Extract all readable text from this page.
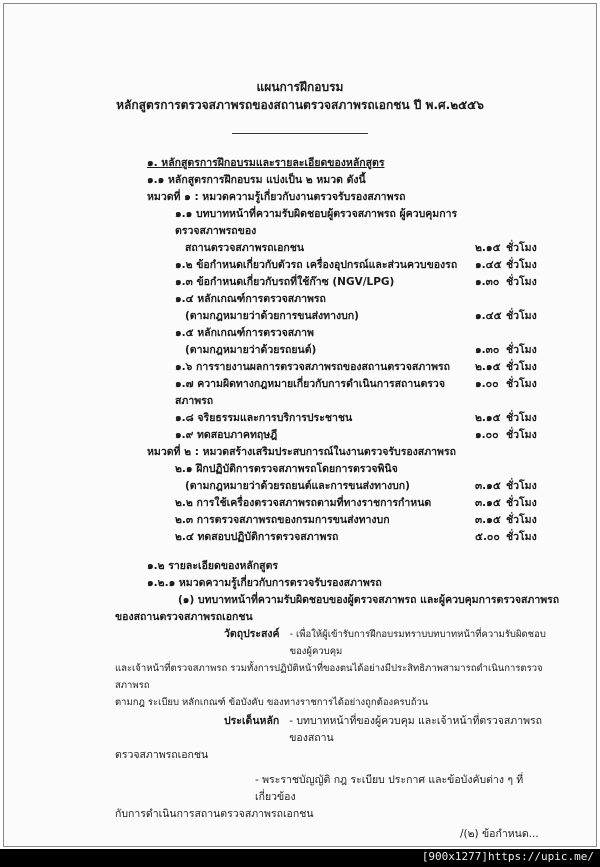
แผนการฝึกอบรม
หลักสูตรการตรวจสภาพรถของสถานตรวจสภาพรถเอกชน ปี พ.ศ.๒๕๕๖
๑. หลักสูตรการฝึกอบรมและรายละเอียดของหลักสูตร
๑.๑ หลักสูตรการฝึกอบรม แบ่งเป็น ๒ หมวด ดังนี้
หมวดที่ ๑ : หมวดความรู้เกี่ยวกับงานตรวจรับรองสภาพรถ
๑.๑ บทบาทหน้าที่ความรับผิดชอบผู้ตรวจสภาพรถ ผู้ควบคุมการตรวจสภาพรถของ
สถานตรวจสภาพรถเอกชน	๒.๑๕ ชั่วโมง
๑.๒ ข้อกำหนดเกี่ยวกับตัวรถ เครื่องอุปกรณ์และส่วนควบของรถ	๑.๔๕ ชั่วโมง
๑.๓ ข้อกำหนดเกี่ยวกับรถที่ใช้ก๊าซ (NGV/LPG)	๑.๓๐ ชั่วโมง
๑.๔ หลักเกณฑ์การตรวจสภาพรถ
(ตามกฎหมายว่าด้วยการขนส่งทางบก)	๑.๔๕ ชั่วโมง
๑.๕ หลักเกณฑ์การตรวจสภาพ
(ตามกฎหมายว่าด้วยรถยนต์)	๑.๓๐ ชั่วโมง
๑.๖ การรายงานผลการตรวจสภาพรถของสถานตรวจสภาพรถ	๒.๑๕ ชั่วโมง
๑.๗ ความผิดทางกฎหมายเกี่ยวกับการดำเนินการสถานตรวจสภาพรถ
๑.๐๐ ชั่วโมง
๑.๘ จริยธรรมและการบริการประชาชน	๒.๑๕ ชั่วโมง
๑.๙ ทดสอบภาคทฤษฎี	๑.๐๐ ชั่วโมง
หมวดที่ ๒ : หมวดสร้างเสริมประสบการณ์ในงานตรวจรับรองสภาพรถ
๒.๑ ฝึกปฏิบัติการตรวจสภาพรถโดยการตรวจพินิจ
(ตามกฎหมายว่าด้วยรถยนต์และการขนส่งทางบก)	๓.๑๕ ชั่วโมง
๒.๒ การใช้เครื่องตรวจสภาพรถตามที่ทางราชการกำหนด	๓.๑๕ ชั่วโมง
๒.๓ การตรวจสภาพรถของกรมการขนส่งทางบก	๓.๑๕ ชั่วโมง
๒.๔ ทดสอบปฏิบัติการตรวจสภาพรถ	๕.๐๐ ชั่วโมง
๑.๒ รายละเอียดของหลักสูตร
๑.๒.๑ หมวดความรู้เกี่ยวกับการตรวจรับรองสภาพรถ
(๑) บทบาทหน้าที่ความรับผิดชอบของผู้ตรวจสภาพรถ และผู้ควบคุมการตรวจสภาพรถ
ของสถานตรวจสภาพรถเอกชน
วัตถุประสงค์ - เพื่อให้ผู้เข้ารับการฝึกอบรมทราบบทบาทหน้าที่ความรับผิดชอบของผู้ควบคุม
และเจ้าหน้าที่ตรวจสภาพรถ รวมทั้งการปฏิบัติหน้าที่ของตนได้อย่างมีประสิทธิภาพสามารถดำเนินการตรวจสภาพรถ
ตามกฎ ระเบียบ หลักเกณฑ์ ข้อบังคับ ของทางราชการได้อย่างถูกต้องครบถ้วน
ประเด็นหลัก - บทบาทหน้าที่ของผู้ควบคุม และเจ้าหน้าที่ตรวจสภาพรถของสถาน
ตรวจสภาพรถเอกชน
- พระราชบัญญัติ กฎ ระเบียบ ประกาศ และข้อบังคับต่าง ๆ ที่เกี่ยวข้อง
กับการดำเนินการสถานตรวจสภาพรถเอกชน
/(๒) ข้อกำหนด...
[900x1277]https://upic.me/
